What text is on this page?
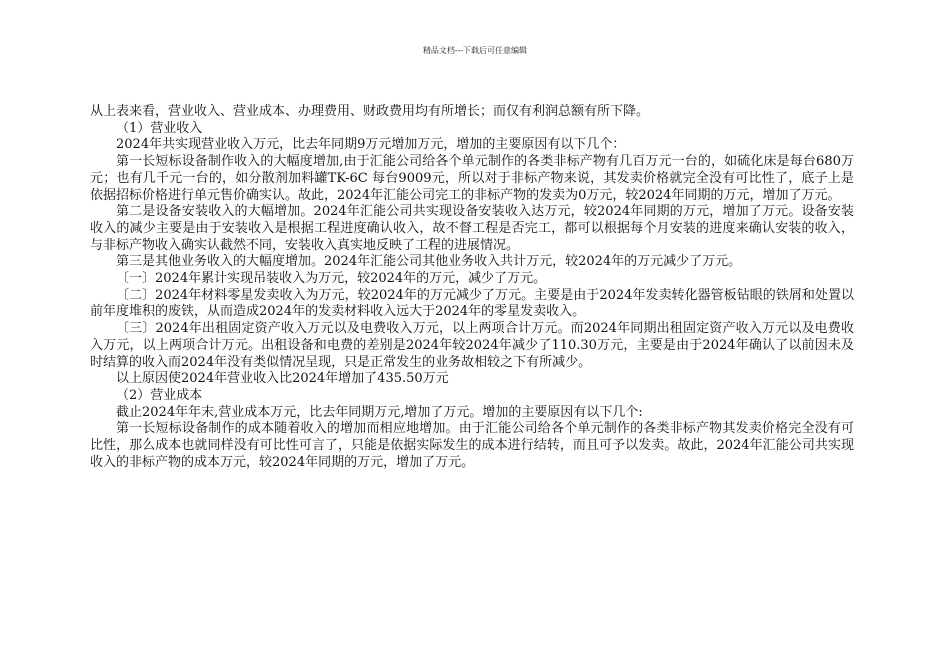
精品文档---下载后可任意编辑

从上表来看，营业收入、营业成本、办理费用、财政费用均有所增长；而仅有利润总额有所下降。

（1）营业收入

2024年共实现营业收入万元，比去年同期9万元增加万元，增加的主要原因有以下几个：

第一长短标设备制作收入的大幅度增加,由于汇能公司给各个单元制作的各类非标产物有几百万元一台的，如硫化床是每台680万元；也有几千元一台的，如分散剂加料罐TK-6C 每台9009元，所以对于非标产物来说，其发卖价格就完全没有可比性了，底子上是依据招标价格进行单元售价确实认。故此，2024年汇能公司完工的非标产物的发卖为0万元，较2024年同期的万元，增加了万元。

第二是设备安装收入的大幅增加。2024年汇能公司共实现设备安装收入达万元，较2024年同期的万元，增加了万元。设备安装收入的减少主要是由于安装收入是根据工程进度确认收入，故不督工程是否完工，都可以根据每个月安装的进度来确认安装的收入，与非标产物收入确实认截然不同，安装收入真实地反映了工程的进展情况。

第三是其他业务收入的大幅度增加。2024年汇能公司其他业务收入共计万元，较2024年的万元减少了万元。

〔一〕2024年累计实现吊装收入为万元，较2024年的万元，减少了万元。

〔二〕2024年材料零星发卖收入为万元，较2024年的万元减少了万元。主要是由于2024年发卖转化器管板钻眼的铁屑和处置以前年度堆积的废铁，从而造成2024年的发卖材料收入远大于2024年的零星发卖收入。

〔三〕2024年出租固定资产收入万元以及电费收入万元，以上两项合计万元。而2024年同期出租固定资产收入万元以及电费收入万元，以上两项合计万元。出租设备和电费的差别是2024年较2024年减少了110.30万元，主要是由于2024年确认了以前因未及时结算的收入而2024年没有类似情况呈现，只是正常发生的业务故相较之下有所减少。

以上原因使2024年营业收入比2024年增加了435.50万元

（2）营业成本

截止2024年年末,营业成本万元，比去年同期万元,增加了万元。增加的主要原因有以下几个:

第一长短标设备制作的成本随着收入的增加而相应地增加。由于汇能公司给各个单元制作的各类非标产物其发卖价格完全没有可比性，那么成本也就同样没有可比性可言了，只能是依据实际发生的成本进行结转，而且可予以发卖。故此，2024年汇能公司共实现收入的非标产物的成本万元，较2024年同期的万元，增加了万元。
